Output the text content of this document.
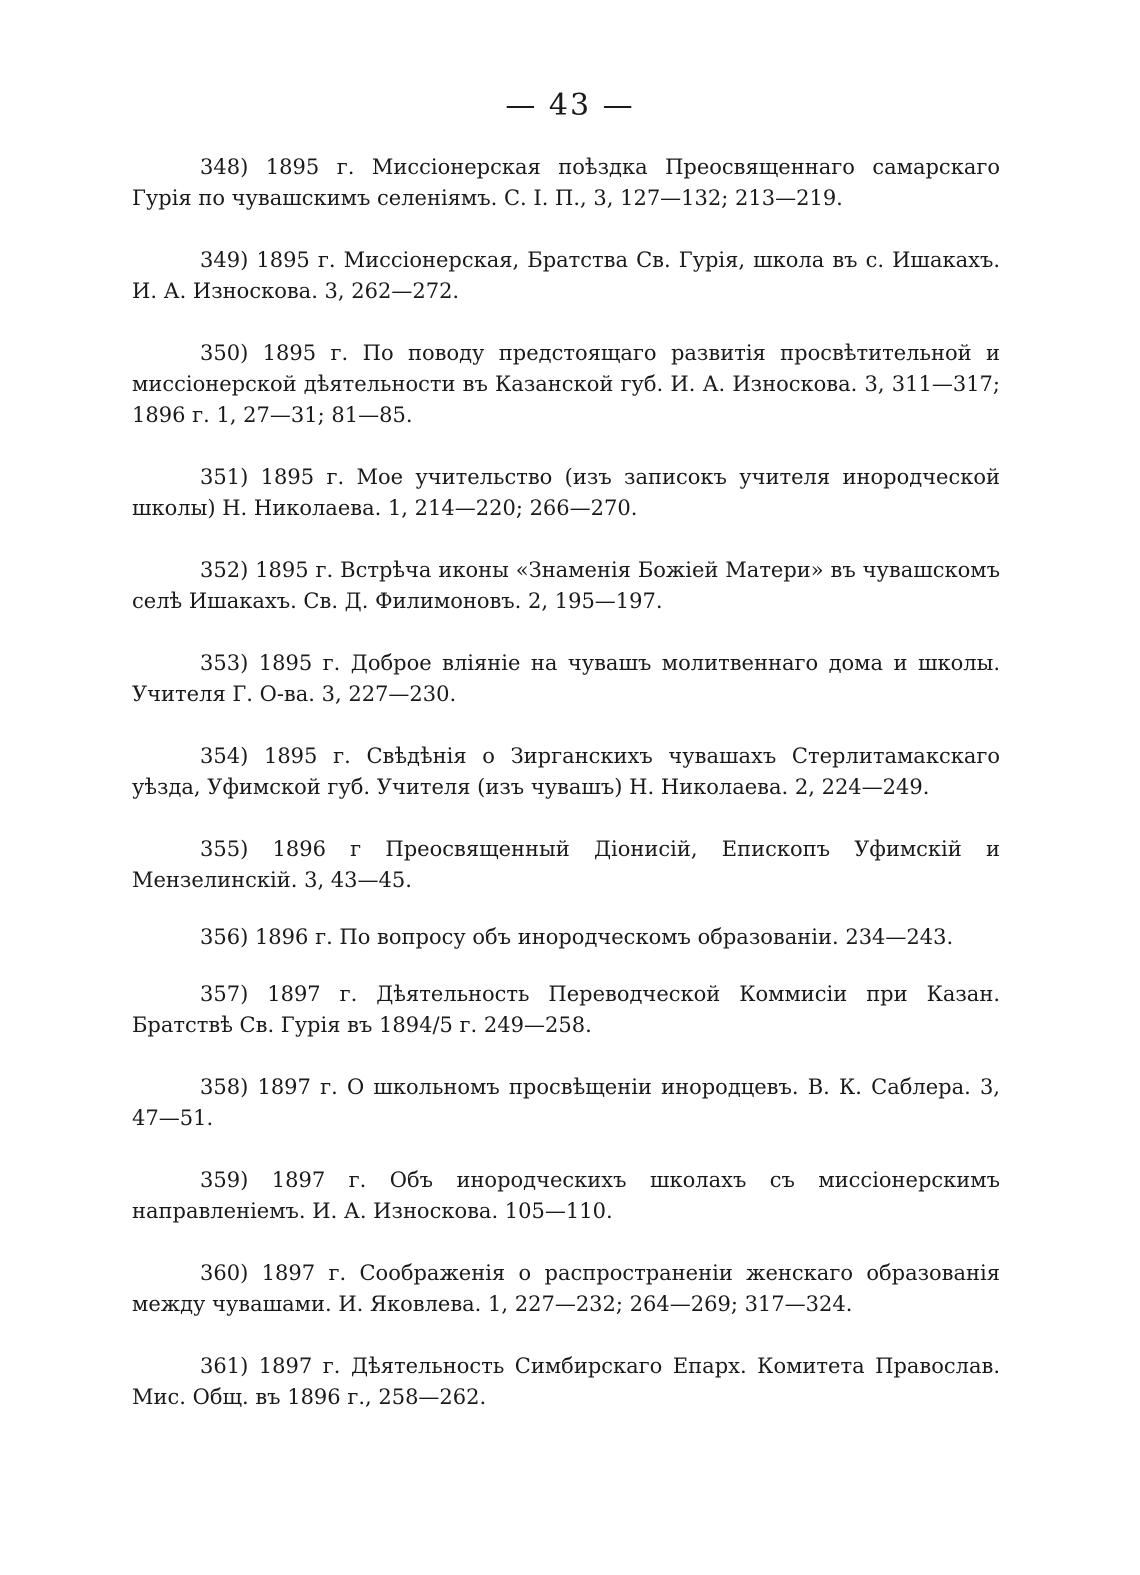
— 43 —

348) 1895 г. Миссіонерская поѣздка Преосвященнаго самарскаго Гурія по чувашскимъ селеніямъ. С. I. П., 3, 127—132; 213—219.

349) 1895 г. Миссіонерская, Братства Св. Гурія, школа въ с. Ишакахъ. И. А. Износкова. 3, 262—272.

350) 1895 г. По поводу предстоящаго развитія просвѣтительной и миссіонерской дѣятельности въ Казанской губ. И. А. Износкова. 3, 311—317; 1896 г. 1, 27—31; 81—85.

351) 1895 г. Мое учительство (изъ записокъ учителя инородческой школы) Н. Николаева. 1, 214—220; 266—270.

352) 1895 г. Встрѣча иконы «Знаменія Божіей Матери» въ чувашскомъ селѣ Ишакахъ. Св. Д. Филимоновъ. 2, 195—197.

353) 1895 г. Доброе вліяніе на чувашъ молитвеннаго дома и школы. Учителя Г. О-ва. 3, 227—230.

354) 1895 г. Свѣдѣнія о Зирганскихъ чувашахъ Стерлитамакскаго уѣзда, Уфимской губ. Учителя (изъ чувашъ) Н. Николаева. 2, 224—249.

355) 1896 г Преосвященный Діонисій, Епископъ Уфимскій и Мензелинскій. 3, 43—45.

356) 1896 г. По вопросу объ инородческомъ образованіи. 234—243.

357) 1897 г. Дѣятельность Переводческой Коммисіи при Казан. Братствѣ Св. Гурія въ 1894/5 г. 249—258.

358) 1897 г. О школьномъ просвѣщеніи инородцевъ. В. К. Саблера. 3, 47—51.

359) 1897 г. Объ инородческихъ школахъ съ миссіонерскимъ направленіемъ. И. А. Износкова. 105—110.

360) 1897 г. Соображенія о распространеніи женскаго образованія между чувашами. И. Яковлева. 1, 227—232; 264—269; 317—324.

361) 1897 г. Дѣятельность Симбирскаго Епарх. Комитета Православ. Мис. Общ. въ 1896 г., 258—262.
